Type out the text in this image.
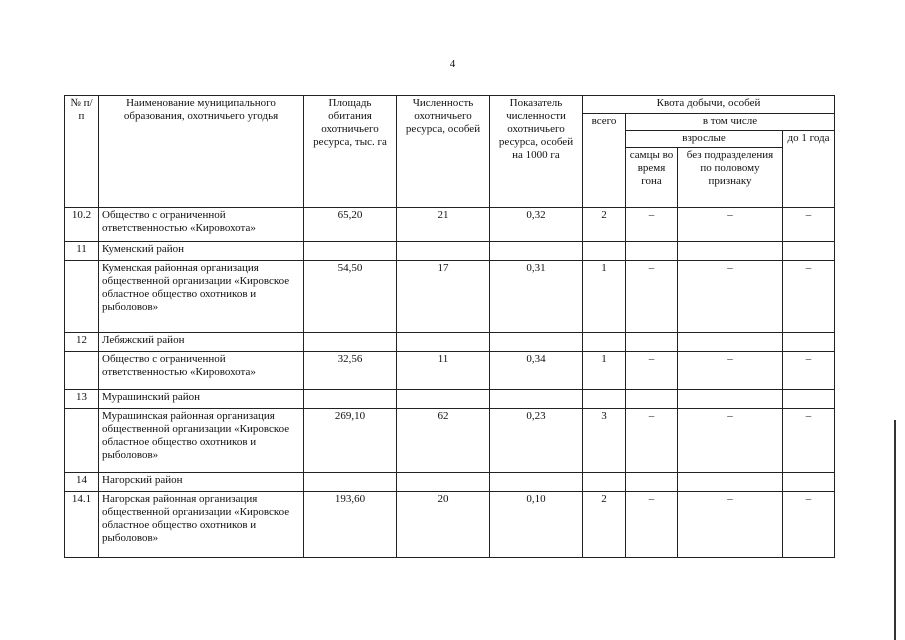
4
№ п/п	Наименование муниципального образования, охотничьего угодья	Площадь обитания охотничьего ресурса, тыс. га	Численность охотничьего ресурса, особей	Показатель численности охотничьего ресурса, особей на 1000 га	Квота добычи, особей			
					всего	в том числе		
						взрослые		до 1 года
						самцы во время гона	без подразделения по половому признаку	
10.2	Общество с ограниченной ответственностью «Кировохота»	65,20	21	0,32	2	–	–	–
11	Куменский район							
	Куменская районная организация общественной организации «Кировское областное общество охотников и рыболовов»	54,50	17	0,31	1	–	–	–
12	Лебяжский район							
	Общество с ограниченной ответственностью «Кировохота»	32,56	11	0,34	1	–	–	–
13	Мурашинский район							
	Мурашинская районная организация общественной организации «Кировское областное общество охотников и рыболовов»	269,10	62	0,23	3	–	–	–
14	Нагорский район							
14.1	Нагорская районная организация общественной организации «Кировское областное общество охотников и рыболовов»	193,60	20	0,10	2	–	–	–
